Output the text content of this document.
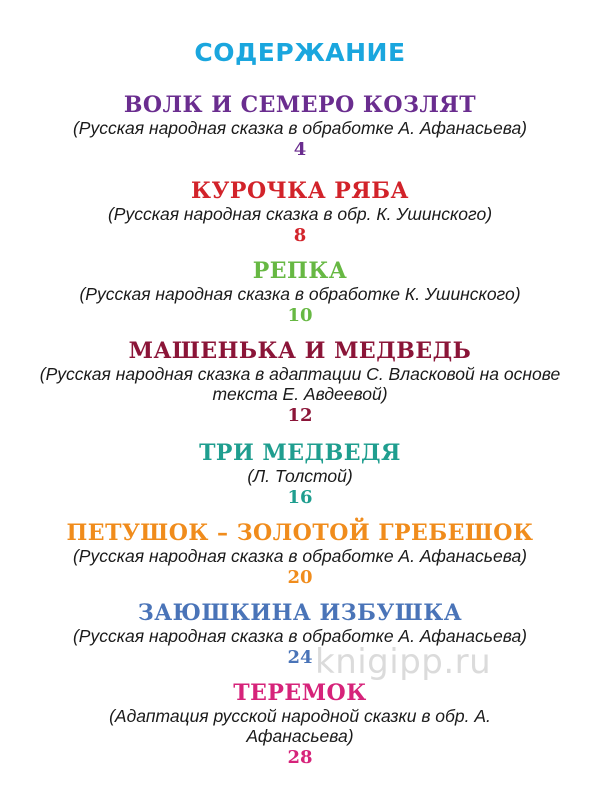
СОДЕРЖАНИЕ
ВОЛК И СЕМЕРО КОЗЛЯТ
(Русская народная сказка в обработке А. Афанасьева)
4
КУРОЧКА РЯБА
(Русская народная сказка в обр. К. Ушинского)
8
РЕПКА
(Русская народная сказка в обработке К. Ушинского)
10
МАШЕНЬКА И МЕДВЕДЬ
(Русская народная сказка в адаптации С. Власковой на основе текста Е. Авдеевой)
12
ТРИ МЕДВЕДЯ
(Л. Толстой)
16
ПЕТУШОК – ЗОЛОТОЙ ГРЕБЕШОК
(Русская народная сказка в обработке А. Афанасьева)
20
ЗАЮШКИНА ИЗБУШКА
(Русская народная сказка в обработке А. Афанасьева)
24
ТЕРЕМОК
(Адаптация русской народной сказки в обр. А. Афанасьева)
28
knigipp.ru
